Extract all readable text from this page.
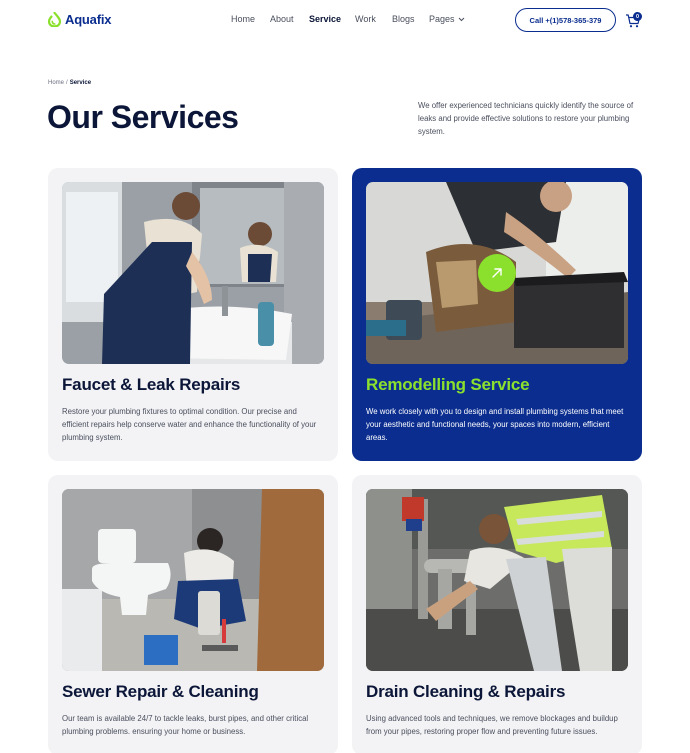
Aquafix	Home About Service Work Blogs Pages	Call +(1)578-365-379	0
Home / Service
Our Services	We offer experienced technicians quickly identify the source of leaks and provide effective solutions to restore your plumbing system.

Faucet & Leak Repairs

Restore your plumbing fixtures to optimal condition. Our precise and efficient repairs help conserve water and enhance the functionality of your plumbing system.

Remodelling Service

We work closely with you to design and install plumbing systems that meet your aesthetic and functional needs, your spaces into modern, efficient areas.

Sewer Repair & Cleaning

Our team is available 24/7 to tackle leaks, burst pipes, and other critical plumbing problems. ensuring your home or business.

Drain Cleaning & Repairs

Using advanced tools and techniques, we remove blockages and buildup from your pipes, restoring proper flow and preventing future issues.
